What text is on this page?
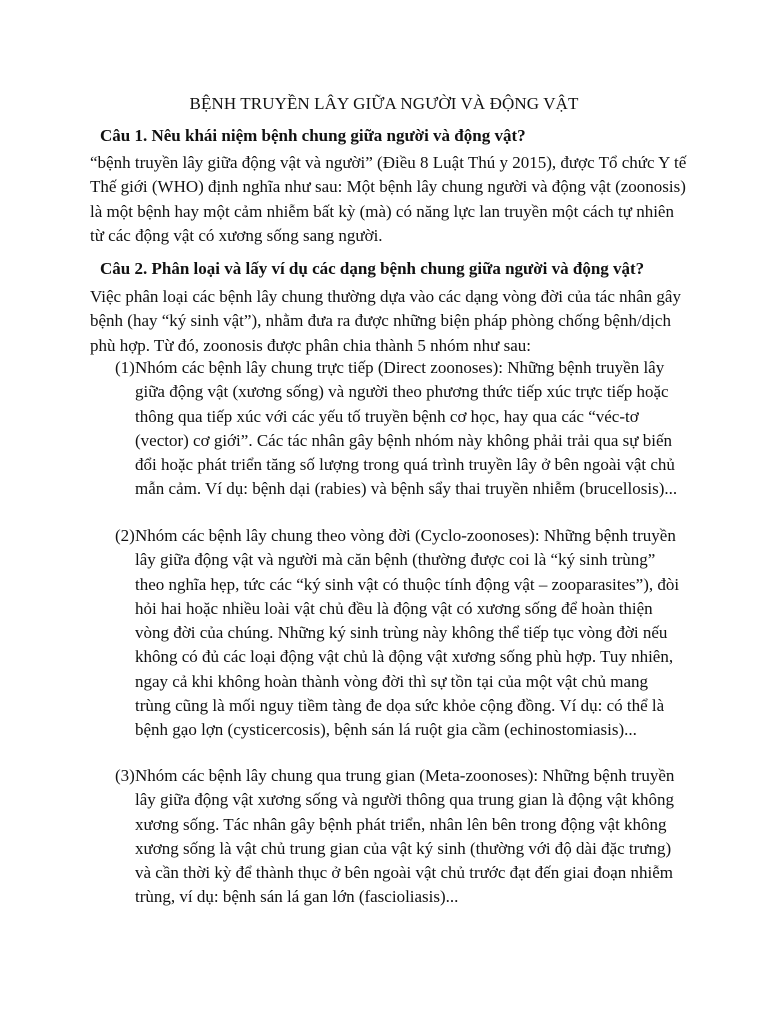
BỆNH TRUYỀN LÂY GIỮA NGƯỜI VÀ ĐỘNG VẬT
Câu 1. Nêu khái niệm bệnh chung giữa người và động vật?

“bệnh truyền lây giữa động vật và người” (Điều 8 Luật Thú y 2015), được Tổ chức Y tế Thế giới (WHO) định nghĩa như sau: Một bệnh lây chung người và động vật (zoonosis) là một bệnh hay một cảm nhiễm bất kỳ (mà) có năng lực lan truyền một cách tự nhiên từ các động vật có xương sống sang người.

Câu 2. Phân loại và lấy ví dụ các dạng bệnh chung giữa người và động vật?

Việc phân loại các bệnh lây chung thường dựa vào các dạng vòng đời của tác nhân gây bệnh (hay “ký sinh vật”), nhằm đưa ra được những biện pháp phòng chống bệnh/dịch phù hợp. Từ đó, zoonosis được phân chia thành 5 nhóm như sau:

(1) Nhóm các bệnh lây chung trực tiếp (Direct zoonoses): Những bệnh truyền lây giữa động vật (xương sống) và người theo phương thức tiếp xúc trực tiếp hoặc thông qua tiếp xúc với các yếu tố truyền bệnh cơ học, hay qua các “véc-tơ (vector) cơ giới”. Các tác nhân gây bệnh nhóm này không phải trải qua sự biến đổi hoặc phát triển tăng số lượng trong quá trình truyền lây ở bên ngoài vật chủ mẫn cảm. Ví dụ: bệnh dại (rabies) và bệnh sẩy thai truyền nhiễm (brucellosis)...
(2) Nhóm các bệnh lây chung theo vòng đời (Cyclo-zoonoses): Những bệnh truyền lây giữa động vật và người mà căn bệnh (thường được coi là “ký sinh trùng” theo nghĩa hẹp, tức các “ký sinh vật có thuộc tính động vật – zooparasites”), đòi hỏi hai hoặc nhiều loài vật chủ đều là động vật có xương sống để hoàn thiện vòng đời của chúng. Những ký sinh trùng này không thể tiếp tục vòng đời nếu không có đủ các loại động vật chủ là động vật xương sống phù hợp. Tuy nhiên, ngay cả khi không hoàn thành vòng đời thì sự tồn tại của một vật chủ mang trùng cũng là mối nguy tiềm tàng đe dọa sức khỏe cộng đồng. Ví dụ: có thể là bệnh gạo lợn (cysticercosis), bệnh sán lá ruột gia cầm (echinostomiasis)...
(3) Nhóm các bệnh lây chung qua trung gian (Meta-zoonoses): Những bệnh truyền lây giữa động vật xương sống và người thông qua trung gian là động vật không xương sống. Tác nhân gây bệnh phát triển, nhân lên bên trong động vật không xương sống là vật chủ trung gian của vật ký sinh (thường với độ dài đặc trưng) và cần thời kỳ để thành thục ở bên ngoài vật chủ trước đạt đến giai đoạn nhiễm trùng, ví dụ: bệnh sán lá gan lớn (fascioliasis)...
